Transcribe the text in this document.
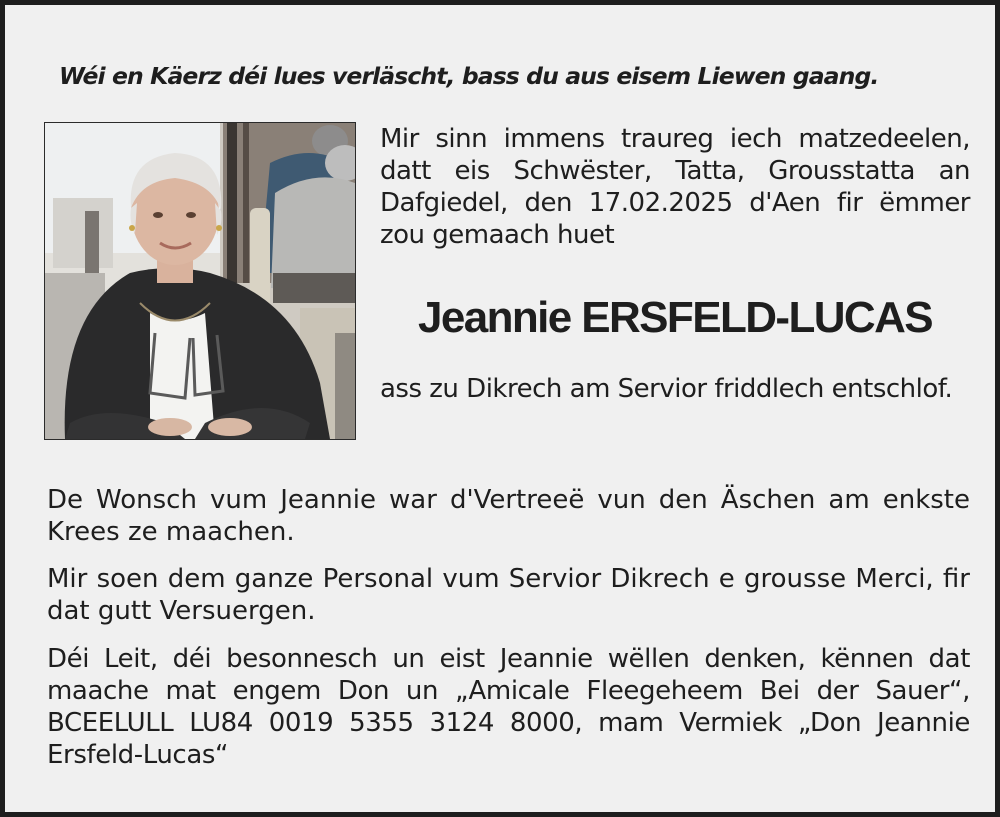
Wéi en Käerz déi lues verläscht, bass du aus eisem Liewen gaang.

Mir sinn immens traureg iech matzedeelen, datt eis Schwëster, Tatta, Grousstatta an Dafgiedel, den 17.02.2025 d'Aen fir ëmmer zou gemaach huet

Jeannie ERSFELD-LUCAS

ass zu Dikrech am Servior friddlech entschlof.

De Wonsch vum Jeannie war d'Vertreeë vun den Äschen am enkste Krees ze maachen.

Mir soen dem ganze Personal vum Servior Dikrech e grousse Merci, fir dat gutt Versuergen.

Déi Leit, déi besonnesch un eist Jeannie wëllen denken, kënnen dat maache mat engem Don un „Amicale Fleegeheem Bei der Sauer“, BCEELULL LU84 0019 5355 3124 8000, mam Vermiek „Don Jeannie Ersfeld-Lucas“
